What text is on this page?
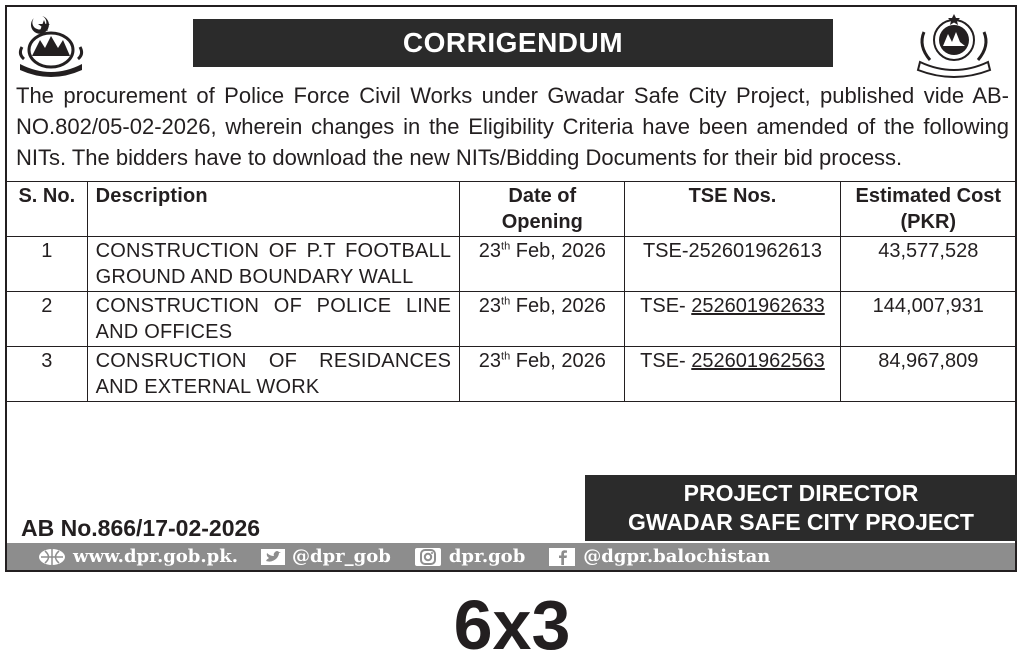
CORRIGENDUM

The procurement of Police Force Civil Works under Gwadar Safe City Project, published vide AB-NO.802/05-02-2026, wherein changes in the Eligibility Criteria have been amended of the following NITs. The bidders have to download the new NITs/Bidding Documents for their bid process.

S. No.	Description	Date of Opening	TSE Nos.	Estimated Cost (PKR)
1	CONSTRUCTION OF P.T FOOTBALL GROUND AND BOUNDARY WALL	23th Feb, 2026	TSE-252601962613	43,577,528
2	CONSTRUCTION OF POLICE LINE AND OFFICES	23th Feb, 2026	TSE- 252601962633	144,007,931
3	CONSRUCTION OF RESIDANCES AND EXTERNAL WORK	23th Feb, 2026	TSE- 252601962563	84,967,809
AB No.866/17-02-2026
PROJECT DIRECTOR
GWADAR SAFE CITY PROJECT
www.dpr.gob.pk.	@dpr_gob	dpr.gob	@dgpr.balochistan
6x3
